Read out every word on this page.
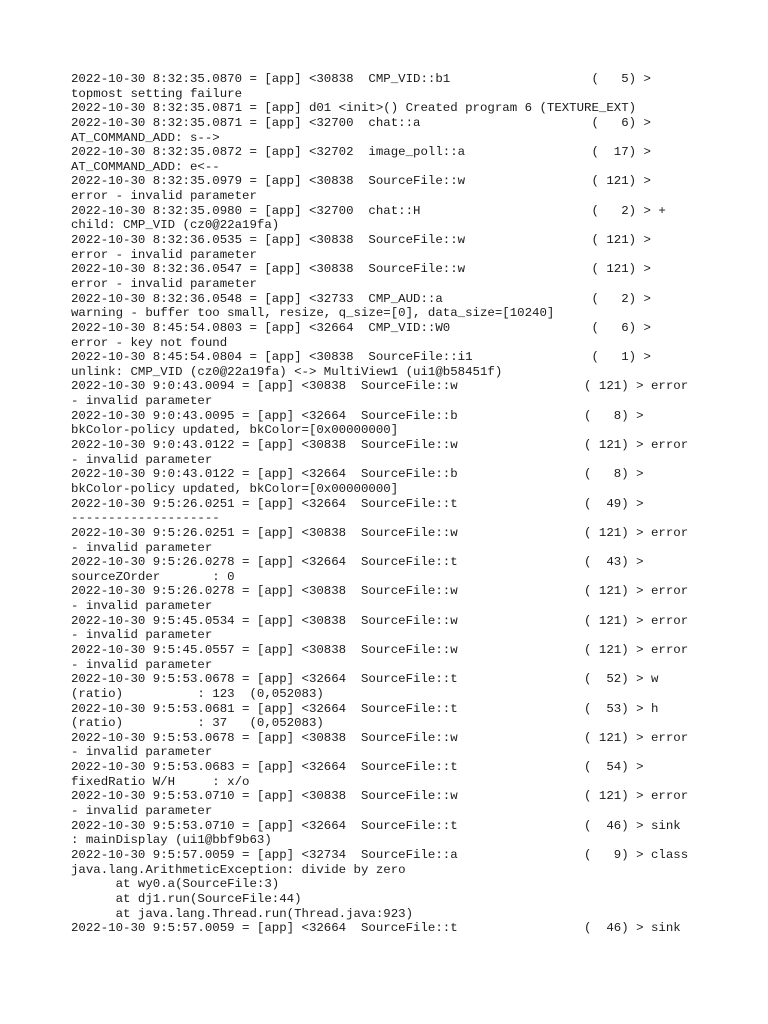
2022-10-30 8:32:35.0870 = [app] <30838  CMP_VID::b1                   (   5) >
topmost setting failure
2022-10-30 8:32:35.0871 = [app] d01 <init>() Created program 6 (TEXTURE_EXT)
2022-10-30 8:32:35.0871 = [app] <32700  chat::a                       (   6) >
AT_COMMAND_ADD: s-->
2022-10-30 8:32:35.0872 = [app] <32702  image_poll::a                 (  17) >
AT_COMMAND_ADD: e<--
2022-10-30 8:32:35.0979 = [app] <30838  SourceFile::w                 ( 121) >
error - invalid parameter
2022-10-30 8:32:35.0980 = [app] <32700  chat::H                       (   2) > +
child: CMP_VID (cz0@22a19fa)
2022-10-30 8:32:36.0535 = [app] <30838  SourceFile::w                 ( 121) >
error - invalid parameter
2022-10-30 8:32:36.0547 = [app] <30838  SourceFile::w                 ( 121) >
error - invalid parameter
2022-10-30 8:32:36.0548 = [app] <32733  CMP_AUD::a                    (   2) >
warning - buffer too small, resize, q_size=[0], data_size=[10240]
2022-10-30 8:45:54.0803 = [app] <32664  CMP_VID::W0                   (   6) >
error - key not found
2022-10-30 8:45:54.0804 = [app] <30838  SourceFile::i1                (   1) >
unlink: CMP_VID (cz0@22a19fa) <-> MultiView1 (ui1@b58451f)
2022-10-30 9:0:43.0094 = [app] <30838  SourceFile::w                 ( 121) > error
- invalid parameter
2022-10-30 9:0:43.0095 = [app] <32664  SourceFile::b                 (   8) >
bkColor-policy updated, bkColor=[0x00000000]
2022-10-30 9:0:43.0122 = [app] <30838  SourceFile::w                 ( 121) > error
- invalid parameter
2022-10-30 9:0:43.0122 = [app] <32664  SourceFile::b                 (   8) >
bkColor-policy updated, bkColor=[0x00000000]
2022-10-30 9:5:26.0251 = [app] <32664  SourceFile::t                 (  49) >
--------------------
2022-10-30 9:5:26.0251 = [app] <30838  SourceFile::w                 ( 121) > error
- invalid parameter
2022-10-30 9:5:26.0278 = [app] <32664  SourceFile::t                 (  43) >
sourceZOrder       : 0
2022-10-30 9:5:26.0278 = [app] <30838  SourceFile::w                 ( 121) > error
- invalid parameter
2022-10-30 9:5:45.0534 = [app] <30838  SourceFile::w                 ( 121) > error
- invalid parameter
2022-10-30 9:5:45.0557 = [app] <30838  SourceFile::w                 ( 121) > error
- invalid parameter
2022-10-30 9:5:53.0678 = [app] <32664  SourceFile::t                 (  52) > w
(ratio)          : 123  (0,052083)
2022-10-30 9:5:53.0681 = [app] <32664  SourceFile::t                 (  53) > h
(ratio)          : 37   (0,052083)
2022-10-30 9:5:53.0678 = [app] <30838  SourceFile::w                 ( 121) > error
- invalid parameter
2022-10-30 9:5:53.0683 = [app] <32664  SourceFile::t                 (  54) >
fixedRatio W/H     : x/o
2022-10-30 9:5:53.0710 = [app] <30838  SourceFile::w                 ( 121) > error
- invalid parameter
2022-10-30 9:5:53.0710 = [app] <32664  SourceFile::t                 (  46) > sink
: mainDisplay (ui1@bbf9b63)
2022-10-30 9:5:57.0059 = [app] <32734  SourceFile::a                 (   9) > class
java.lang.ArithmeticException: divide by zero
at wy0.a(SourceFile:3)
at dj1.run(SourceFile:44)
at java.lang.Thread.run(Thread.java:923)
2022-10-30 9:5:57.0059 = [app] <32664  SourceFile::t                 (  46) > sink
